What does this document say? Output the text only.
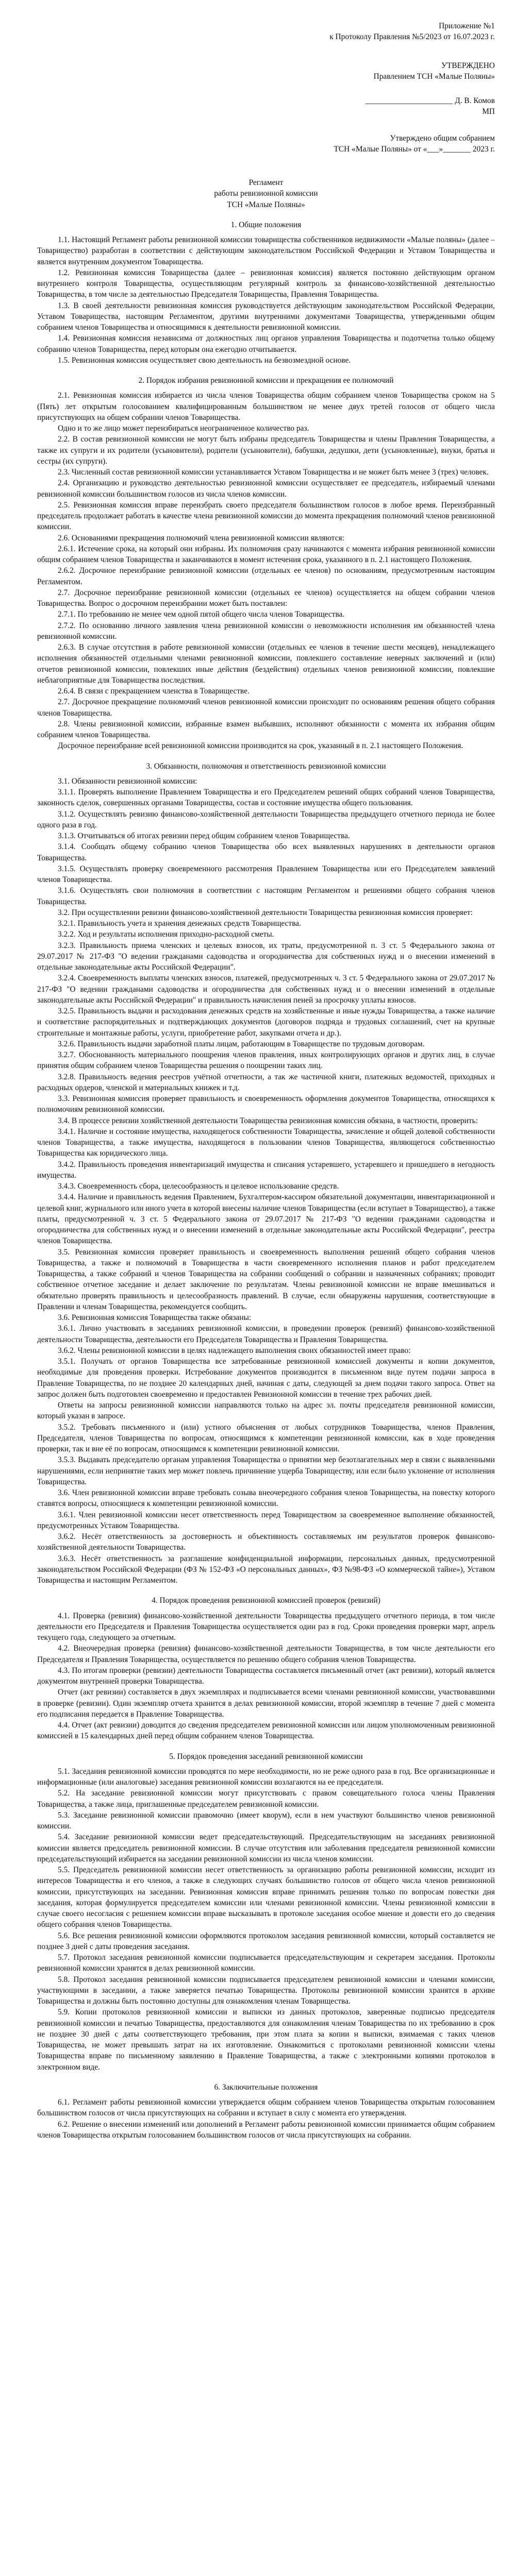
Приложение №1
к Протоколу Правления №5/2023 от 16.07.2023 г.
УТВЕРЖДЕНО
Правлением ТСН «Малые Поляны»
______________________ Д. В. Комов
МП
Утверждено общим собранием
ТСН «Малые Поляны» от «___»_______ 2023 г.
Регламент
работы ревизионной комиссии
ТСН «Малые Поляны»
1. Общие положения

1.1. Настоящий Регламент работы ревизионной комиссии товарищества собственников недвижимости «Малые поляны» (далее – Товарищество) разработан в соответствии с действующим законодательством Российской Федерации и Уставом Товарищества и является внутренним документом Товарищества.

1.2. Ревизионная комиссия Товарищества (далее – ревизионная комиссия) является постоянно действующим органом внутреннего контроля Товарищества, осуществляющим регулярный контроль за финансово-хозяйственной деятельностью Товарищества, в том числе за деятельностью Председателя Товарищества, Правления Товарищества.

1.3. В своей деятельности ревизионная комиссия руководствуется действующим законодательством Российской Федерации, Уставом Товарищества, настоящим Регламентом, другими внутренними документами Товарищества, утвержденными общим собранием членов Товарищества и относящимися к деятельности ревизионной комиссии.

1.4. Ревизионная комиссия независима от должностных лиц органов управления Товарищества и подотчетна только общему собранию членов Товарищества, перед которым она ежегодно отчитывается.

1.5. Ревизионная комиссия осуществляет свою деятельность на безвозмездной основе.

2. Порядок избрания ревизионной комиссии и прекращения ее полномочий

2.1. Ревизионная комиссия избирается из числа членов Товарищества общим собранием членов Товарищества сроком на 5 (Пять) лет открытым голосованием квалифицированным большинством не менее двух третей голосов от общего числа присутствующих на общем собрании членов Товарищества.

Одно и то же лицо может переизбираться неограниченное количество раз.

2.2. В состав ревизионной комиссии не могут быть избраны председатель Товарищества и члены Правления Товарищества, а также их супруги и их родители (усыновители), родители (усыновители), бабушки, дедушки, дети (усыновленные), внуки, братья и сестры (их супруги).

2.3. Численный состав ревизионной комиссии устанавливается Уставом Товарищества и не может быть менее 3 (трех) человек.

2.4. Организацию и руководство деятельностью ревизионной комиссии осуществляет ее председатель, избираемый членами ревизионной комиссии большинством голосов из числа членов комиссии.

2.5. Ревизионная комиссия вправе переизбрать своего председателя большинством голосов в любое время. Переизбранный председатель продолжает работать в качестве члена ревизионной комиссии до момента прекращения полномочий членов ревизионной комиссии.

2.6. Основаниями прекращения полномочий члена ревизионной комиссии являются:

2.6.1. Истечение срока, на который они избраны. Их полномочия сразу начинаются с момента избрания ревизионной комиссии общим собранием членов Товарищества и заканчиваются в момент истечения срока, указанного в п. 2.1 настоящего Положения.

2.6.2. Досрочное переизбрание ревизионной комиссии (отдельных ее членов) по основаниям, предусмотренным настоящим Регламентом.

2.7. Досрочное переизбрание ревизионной комиссии (отдельных ее членов) осуществляется на общем собрании членов Товарищества. Вопрос о досрочном переизбрании может быть поставлен:

2.7.1. По требованию не менее чем одной пятой общего числа членов Товарищества.

2.7.2. По основанию личного заявления члена ревизионной комиссии о невозможности исполнения им обязанностей члена ревизионной комиссии.

2.6.3. В случае отсутствия в работе ревизионной комиссии (отдельных ее членов в течение шести месяцев), ненадлежащего исполнения обязанностей отдельными членами ревизионной комиссии, повлекшего составление неверных заключений и (или) отчетов ревизионной комиссии, повлекших иные действия (бездействия) отдельных членов ревизионной комиссии, повлекшие неблагоприятные для Товарищества последствия.

2.6.4. В связи с прекращением членства в Товариществе.

2.7. Досрочное прекращение полномочий членов ревизионной комиссии происходит по основаниям решения общего собрания членов Товарищества.

2.8. Члены ревизионной комиссии, избранные взамен выбывших, исполняют обязанности с момента их избрания общим собранием членов Товарищества.

Досрочное переизбрание всей ревизионной комиссии производится на срок, указанный в п. 2.1 настоящего Положения.

3. Обязанности, полномочия и ответственность ревизионной комиссии

3.1. Обязанности ревизионной комиссии:

3.1.1. Проверять выполнение Правлением Товарищества и его Председателем решений общих собраний членов Товарищества, законность сделок, совершенных органами Товарищества, состав и состояние имущества общего пользования.

3.1.2. Осуществлять ревизию финансово-хозяйственной деятельности Товарищества предыдущего отчетного периода не более одного раза в год.

3.1.3. Отчитываться об итогах ревизии перед общим собранием членов Товарищества.

3.1.4. Сообщать общему собранию членов Товарищества обо всех выявленных нарушениях в деятельности органов Товарищества.

3.1.5. Осуществлять проверку своевременного рассмотрения Правлением Товарищества или его Председателем заявлений членов Товарищества.

3.1.6. Осуществлять свои полномочия в соответствии с настоящим Регламентом и решениями общего собрания членов Товарищества.

3.2. При осуществлении ревизии финансово-хозяйственной деятельности Товарищества ревизионная комиссия проверяет:

3.2.1. Правильность учета и хранения денежных средств Товарищества.

3.2.2. Ход и результаты исполнения приходно-расходной сметы.

3.2.3. Правильность приема членских и целевых взносов, их траты, предусмотренной п. 3 ст. 5 Федерального закона от 29.07.2017 № 217-ФЗ "О ведении гражданами садоводства и огородничества для собственных нужд и о внесении изменений в отдельные законодательные акты Российской Федерации".

3.2.4. Своевременность выплаты членских взносов, платежей, предусмотренных ч. 3 ст. 5 Федерального закона от 29.07.2017 № 217-ФЗ "О ведении гражданами садоводства и огородничества для собственных нужд и о внесении изменений в отдельные законодательные акты Российской Федерации" и правильность начисления пеней за просрочку уплаты взносов.

3.2.5. Правильность выдачи и расходования денежных средств на хозяйственные и иные нужды Товарищества, а также наличие и соответствие распорядительных и подтверждающих документов (договоров подряда и трудовых соглашений, счет на крупные строительные и монтажные работы, услуги, приобретение работ, закупками отчета и др.).

3.2.6. Правильность выдачи заработной платы лицам, работающим в Товариществе по трудовым договорам.

3.2.7. Обоснованность материального поощрения членов правления, иных контролирующих органов и других лиц, в случае принятия общим собранием членов Товарищества решения о поощрении таких лиц.

3.2.8. Правильность ведения реестров учётной отчетности, а так же частичной книги, платежных ведомостей, приходных и расходных ордеров, членской и материальных книжек и т.д.

3.3. Ревизионная комиссия проверяет правильность и своевременность оформления документов Товарищества, относящихся к полномочиям ревизионной комиссии.

3.4. В процессе ревизии хозяйственной деятельности Товарищества ревизионная комиссия обязана, в частности, проверить:

3.4.1. Наличие и состояние имущества, находящегося собственности Товарищества, зачисление и общей долевой собственности членов Товарищества, а также имущества, находящегося в пользовании членов Товарищества, являющегося собственностью Товарищества как юридического лица.

3.4.2. Правильность проведения инвентаризаций имущества и списания устаревшего, устаревшего и пришедшего в негодность имущества.

3.4.3. Своевременность сбора, целесообразность и целевое использование средств.

3.4.4. Наличие и правильность ведения Правлением, Бухгалтером-кассиром обязательной документации, инвентаризационной и целевой книг, журнального или иного учета в которой внесены наличие членов Товарищества (если вступает в Товарищество), а также платы, предусмотренной ч. 3 ст. 5 Федерального закона от 29.07.2017 № 217-ФЗ "О ведении гражданами садоводства и огородничества для собственных нужд и о внесении изменений в отдельные законодательные акты Российской Федерации", реестра членов Товарищества.

3.5. Ревизионная комиссия проверяет правильность и своевременность выполнения решений общего собрания членов Товарищества, а также и полномочий в Товарищества в части своевременного исполнения планов и работ председателем Товарищества, а также собраний и членов Товарищества на собрании сообщений о собрании и назначенных собраниях; проводит собственное отчетное заседание и делает заключение по результатам. Члены ревизионной комиссии не вправе вмешиваться и обязательно проверять правильность и целесообразность правлений. В случае, если обнаружены нарушения, соответствующие в Правлении и членам Товарищества, рекомендуется сообщить.

3.6. Ревизионная комиссия Товарищества также обязаны:

3.6.1. Лично участвовать в заседаниях ревизионной комиссии, в проведении проверок (ревизий) финансово-хозяйственной деятельности Товарищества, деятельности его Председателя Товарищества и Правления Товарищества.

3.6.2. Члены ревизионной комиссии в целях надлежащего выполнения своих обязанностей имеет право:

3.5.1. Получать от органов Товарищества все затребованные ревизионной комиссией документы и копии документов, необходимые для проведения проверки. Истребование документов производится в письменном виде путем подачи запроса в Правление Товарищества, по не позднее 20 календарных дней, начиная с даты, следующей за днем подачи такого запроса. Ответ на запрос должен быть подготовлен своевременно и предоставлен Ревизионной комиссии в течение трех рабочих дней.

Ответы на запросы ревизионной комиссии направляются только на адрес эл. почты председателя ревизионной комиссии, который указан в запросе.

3.5.2. Требовать письменного и (или) устного объяснения от любых сотрудников Товарищества, членов Правления, Председателя, членов Товарищества по вопросам, относящимся к компетенции ревизионной комиссии, как в ходе проведения проверки, так и вне её по вопросам, относящимся к компетенции ревизионной комиссии.

3.5.3. Выдавать председателю органам управления Товарищества о принятии мер безотлагательных мер в связи с выявленными нарушениями, если непринятие таких мер может повлечь причинение ущерба Товариществу, или если было уклонение от исполнения Товарищества.

3.6. Член ревизионной комиссии вправе требовать созыва внеочередного собрания членов Товарищества, на повестку которого ставятся вопросы, относящиеся к компетенции ревизионной комиссии.

3.6.1. Член ревизионной комиссии несет ответственность перед Товариществом за своевременное выполнение обязанностей, предусмотренных Уставом Товарищества.

3.6.2. Несёт ответственность за достоверность и объективность составляемых им результатов проверок финансово-хозяйственной деятельности Товарищества.

3.6.3. Несёт ответственность за разглашение конфиденциальной информации, персональных данных, предусмотренной законодательством Российской Федерации (ФЗ № 152-ФЗ «О персональных данных», ФЗ №98-ФЗ «О коммерческой тайне»), Уставом Товарищества и настоящим Регламентом.

4. Порядок проведения ревизионной комиссией проверок (ревизий)

4.1. Проверка (ревизия) финансово-хозяйственной деятельности Товарищества предыдущего отчетного периода, в том числе деятельности его Председателя и Правления Товарищества осуществляется один раз в год. Сроки проведения проверки март, апрель текущего года, следующего за отчетным.

4.2. Внеочередная проверка (ревизия) финансово-хозяйственной деятельности Товарищества, в том числе деятельности его Председателя и Правления Товарищества, осуществляется по решению общего собрания членов Товарищества.

4.3. По итогам проверки (ревизии) деятельности Товарищества составляется письменный отчет (акт ревизии), который является документом внутренней проверки Товарищества.

Отчет (акт ревизии) составляется в двух экземплярах и подписывается всеми членами ревизионной комиссии, участвовавшими в проверке (ревизии). Один экземпляр отчета хранится в делах ревизионной комиссии, второй экземпляр в течение 7 дней с момента его подписания передается в Правление Товарищества.

4.4. Отчет (акт ревизии) доводится до сведения председателем ревизионной комиссии или лицом уполномоченным ревизионной комиссией в 15 календарных дней перед общим собранием членов Товарищества.

5. Порядок проведения заседаний ревизионной комиссии

5.1. Заседания ревизионной комиссии проводятся по мере необходимости, но не реже одного раза в год. Все организационные и информационные (или аналоговые) заседания ревизионной комиссии возлагаются на ее председателя.

5.2. На заседание ревизионной комиссии могут присутствовать с правом совещательного голоса члены Правления Товарищества, а также лица, приглашенные председателем ревизионной комиссии.

5.3. Заседание ревизионной комиссии правомочно (имеет кворум), если в нем участвуют большинство членов ревизионной комиссии.

5.4. Заседание ревизионной комиссии ведет председательствующий. Председательствующим на заседаниях ревизионной комиссии является председатель ревизионной комиссии. В случае отсутствия или заболевания председателя ревизионной комиссии председательствующий избирается на заседании ревизионной комиссии из числа членов комиссии.

5.5. Председатель ревизионной комиссии несет ответственность за организацию работы ревизионной комиссии, исходит из интересов Товарищества и его членов, а также в следующих случаях большинство голосов от общего числа членов ревизионной комиссии, присутствующих на заседании. Ревизионная комиссия вправе принимать решения только по вопросам повестки дня заседания, которая формулируется председателем комиссии или членами ревизионной комиссии. Члены ревизионной комиссии в случае своего несогласия с решением комиссии вправе высказывать в протоколе заседания особое мнение и довести его до сведения общего собрания членов Товарищества.

5.6. Все решения ревизионной комиссии оформляются протоколом заседания ревизионной комиссии, который составляется не позднее 3 дней с даты проведения заседания.

5.7. Протокол заседания ревизионной комиссии подписывается председательствующим и секретарем заседания. Протоколы ревизионной комиссии хранятся в делах ревизионной комиссии.

5.8. Протокол заседания ревизионной комиссии подписывается председателем ревизионной комиссии и членами комиссии, участвующими в заседании, а также заверяется печатью Товарищества. Протоколы ревизионной комиссии хранятся в архиве Товарищества и должны быть постоянно доступны для ознакомления членам Товарищества.

5.9. Копии протоколов ревизионной комиссии и выписки из данных протоколов, заверенные подписью председателя ревизионной комиссии и печатью Товарищества, предоставляются для ознакомления членам Товарищества по их требованию в срок не позднее 30 дней с даты соответствующего требования, при этом плата за копии и выписки, взимаемая с таких членов Товарищества, не может превышать затрат на их изготовление. Ознакомиться с протоколами ревизионной комиссии члены Товарищества вправе по письменному заявлению в Правление Товарищества, а также с электронными копиями протоколов в электронном виде.

6. Заключительные положения

6.1. Регламент работы ревизионной комиссии утверждается общим собранием членов Товарищества открытым голосованием большинством голосов от числа присутствующих на собрании и вступает в силу с момента его утверждения.

6.2. Решение о внесении изменений или дополнений в Регламент работы ревизионной комиссии принимается общим собранием членов Товарищества открытым голосованием большинством голосов от числа присутствующих на собрании.
